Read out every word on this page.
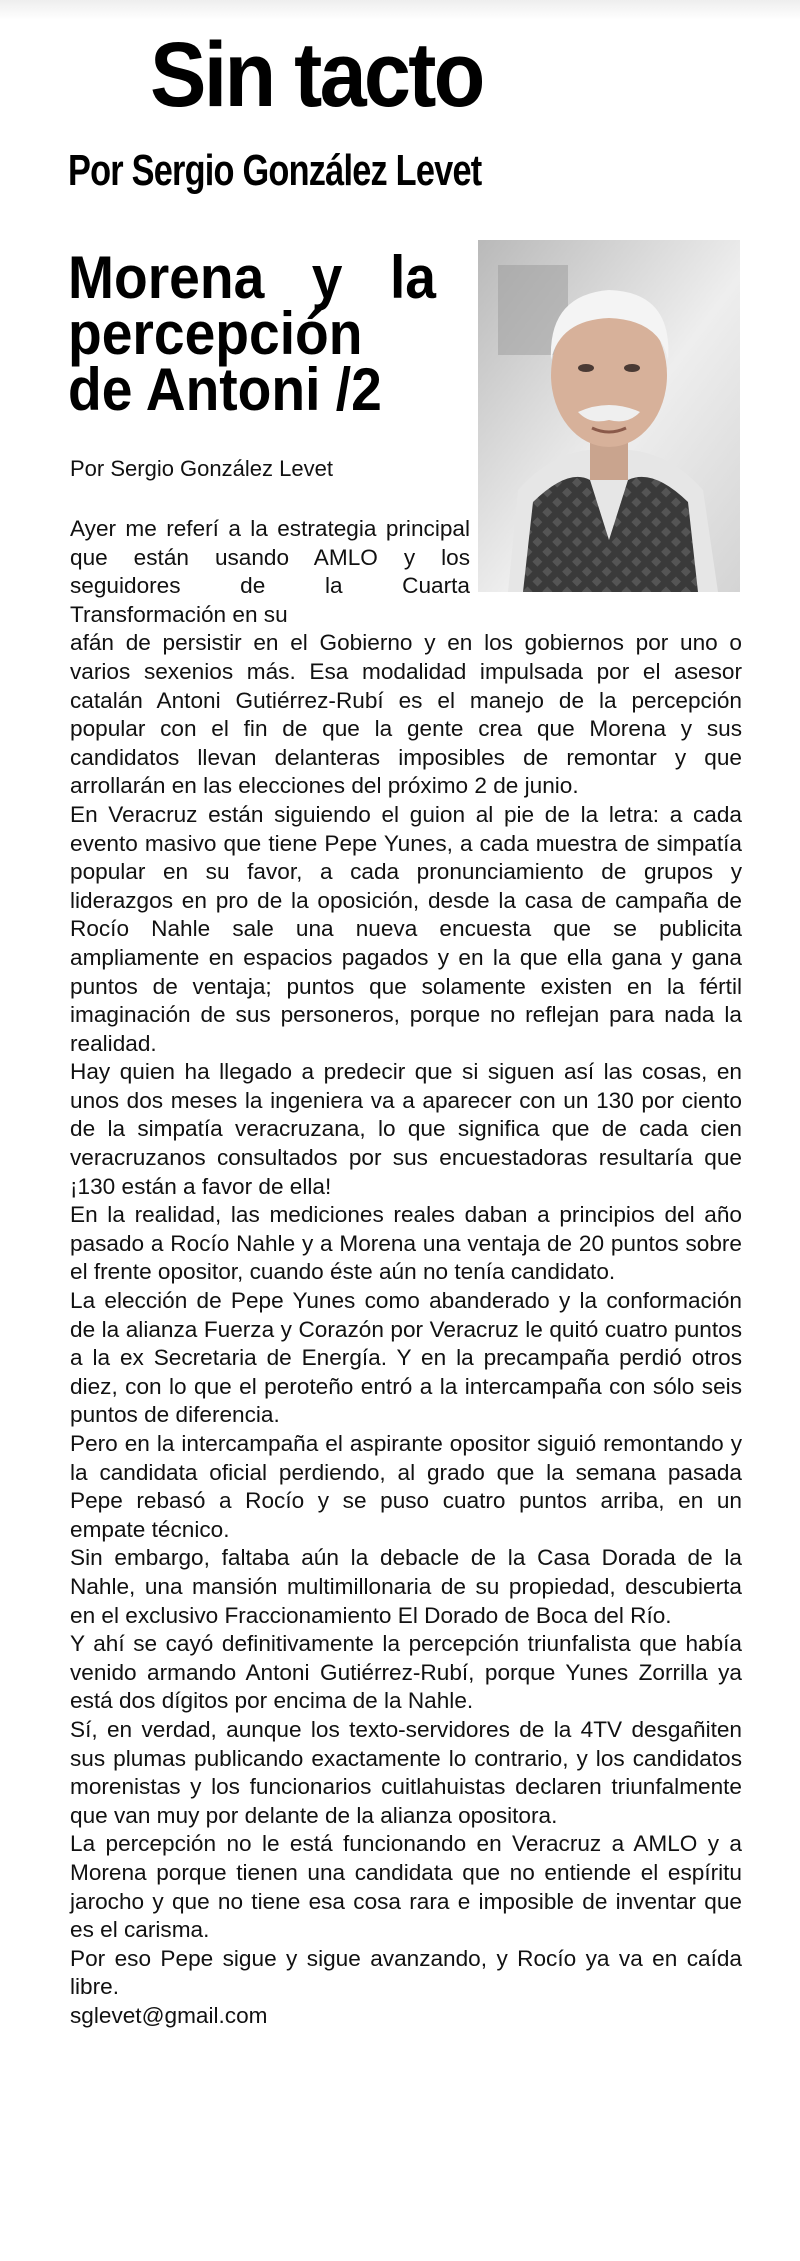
Sin tacto
Por Sergio González Levet
Morena y la percepción de Antoni /2
Por Sergio González Levet

Ayer me referí a la estrategia principal que están usando AMLO y los seguidores de la Cuarta Transformación en su

afán de persistir en el Gobierno y en los gobiernos por uno o varios sexenios más. Esa modalidad impulsada por el asesor catalán Antoni Gutiérrez-Rubí es el manejo de la percepción popular con el fin de que la gente crea que Morena y sus candidatos llevan delanteras imposibles de remontar y que arrollarán en las elecciones del próximo 2 de junio.

En Veracruz están siguiendo el guion al pie de la letra: a cada evento masivo que tiene Pepe Yunes, a cada muestra de simpatía popular en su favor, a cada pronunciamiento de grupos y liderazgos en pro de la oposición, desde la casa de campaña de Rocío Nahle sale una nueva encuesta que se publicita ampliamente en espacios pagados y en la que ella gana y gana puntos de ventaja; puntos que solamente existen en la fértil imaginación de sus personeros, porque no reflejan para nada la realidad.

Hay quien ha llegado a predecir que si siguen así las cosas, en unos dos meses la ingeniera va a aparecer con un 130 por ciento de la simpatía veracruzana, lo que significa que de cada cien veracruzanos consultados por sus encuestadoras resultaría que ¡130 están a favor de ella!

En la realidad, las mediciones reales daban a principios del año pasado a Rocío Nahle y a Morena una ventaja de 20 puntos sobre el frente opositor, cuando éste aún no tenía candidato.

La elección de Pepe Yunes como abanderado y la conformación de la alianza Fuerza y Corazón por Veracruz le quitó cuatro puntos a la ex Secretaria de Energía. Y en la precampaña perdió otros diez, con lo que el peroteño entró a la intercampaña con sólo seis puntos de diferencia.

Pero en la intercampaña el aspirante opositor siguió remontando y la candidata oficial perdiendo, al grado que la semana pasada Pepe rebasó a Rocío y se puso cuatro puntos arriba, en un empate técnico.

Sin embargo, faltaba aún la debacle de la Casa Dorada de la Nahle, una mansión multimillonaria de su propiedad, descubierta en el exclusivo Fraccionamiento El Dorado de Boca del Río.

Y ahí se cayó definitivamente la percepción triunfalista que había venido armando Antoni Gutiérrez-Rubí, porque Yunes Zorrilla ya está dos dígitos por encima de la Nahle.

Sí, en verdad, aunque los texto-servidores de la 4TV desgañiten sus plumas publicando exactamente lo contrario, y los candidatos morenistas y los funcionarios cuitlahuistas declaren triunfalmente que van muy por delante de la alianza opositora.

La percepción no le está funcionando en Veracruz a AMLO y a Morena porque tienen una candidata que no entiende el espíritu jarocho y que no tiene esa cosa rara e imposible de inventar que es el carisma.

Por eso Pepe sigue y sigue avanzando, y Rocío ya va en caída libre.

sglevet@gmail.com
